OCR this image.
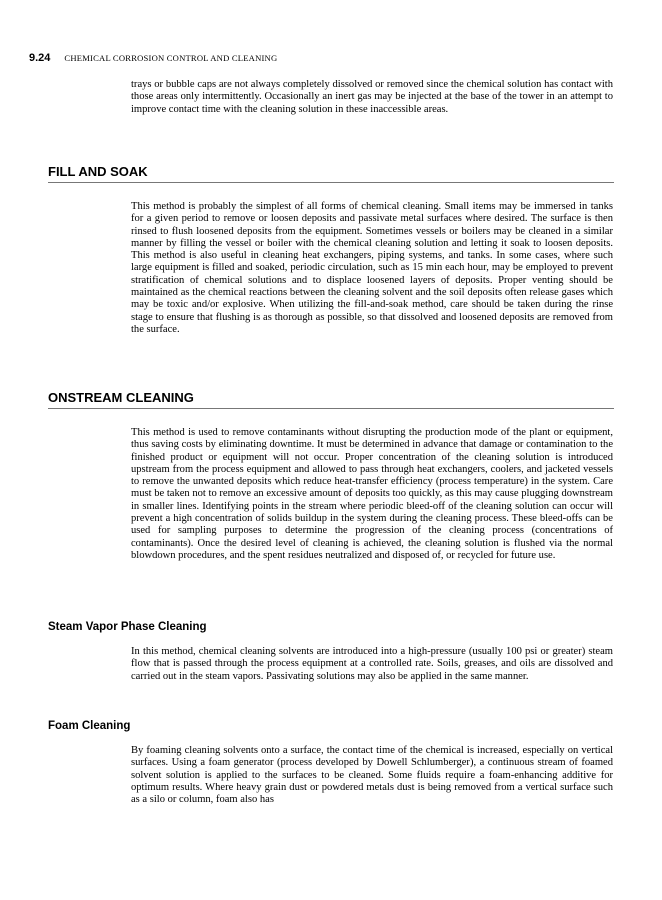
9.24 CHEMICAL CORROSION CONTROL AND CLEANING

trays or bubble caps are not always completely dissolved or removed since the chemical solution has contact with those areas only intermittently. Occasionally an inert gas may be injected at the base of the tower in an attempt to improve contact time with the cleaning solution in these inaccessible areas.

FILL AND SOAK

This method is probably the simplest of all forms of chemical cleaning. Small items may be immersed in tanks for a given period to remove or loosen deposits and passivate metal surfaces where desired. The surface is then rinsed to flush loosened deposits from the equipment. Sometimes vessels or boilers may be cleaned in a similar manner by filling the vessel or boiler with the chemical cleaning solution and letting it soak to loosen deposits. This method is also useful in cleaning heat exchangers, piping systems, and tanks. In some cases, where such large equipment is filled and soaked, periodic circulation, such as 15 min each hour, may be employed to prevent stratification of chemical solutions and to displace loosened layers of deposits. Proper venting should be maintained as the chemical reactions between the cleaning solvent and the soil deposits often release gases which may be toxic and/or explosive. When utilizing the fill-and-soak method, care should be taken during the rinse stage to ensure that flushing is as thorough as possible, so that dissolved and loosened deposits are removed from the surface.

ONSTREAM CLEANING

This method is used to remove contaminants without disrupting the production mode of the plant or equipment, thus saving costs by eliminating downtime. It must be determined in advance that damage or contamination to the finished product or equipment will not occur. Proper concentration of the cleaning solution is introduced upstream from the process equipment and allowed to pass through heat exchangers, coolers, and jacketed vessels to remove the unwanted deposits which reduce heat-transfer efficiency (process temperature) in the system. Care must be taken not to remove an excessive amount of deposits too quickly, as this may cause plugging downstream in smaller lines. Identifying points in the stream where periodic bleed-off of the cleaning solution can occur will prevent a high concentration of solids buildup in the system during the cleaning process. These bleed-offs can be used for sampling purposes to determine the progression of the cleaning process (concentrations of contaminants). Once the desired level of cleaning is achieved, the cleaning solution is flushed via the normal blowdown procedures, and the spent residues neutralized and disposed of, or recycled for future use.

Steam Vapor Phase Cleaning

In this method, chemical cleaning solvents are introduced into a high-pressure (usually 100 psi or greater) steam flow that is passed through the process equipment at a controlled rate. Soils, greases, and oils are dissolved and carried out in the steam vapors. Passivating solutions may also be applied in the same manner.

Foam Cleaning

By foaming cleaning solvents onto a surface, the contact time of the chemical is increased, especially on vertical surfaces. Using a foam generator (process developed by Dowell Schlumberger), a continuous stream of foamed solvent solution is applied to the surfaces to be cleaned. Some fluids require a foam-enhancing additive for optimum results. Where heavy grain dust or powdered metals dust is being removed from a vertical surface such as a silo or column, foam also has
